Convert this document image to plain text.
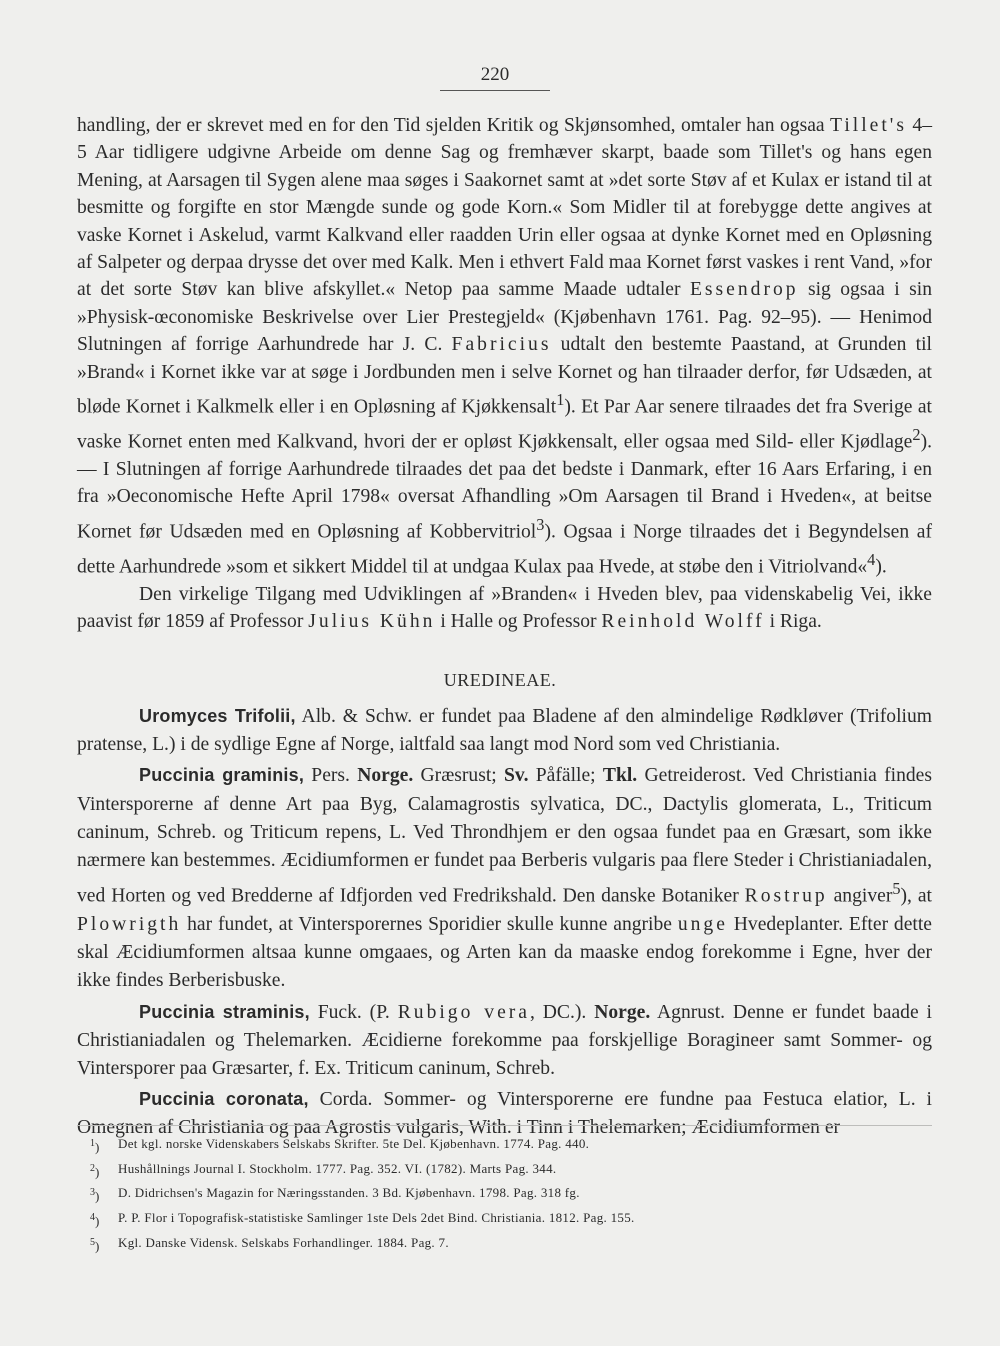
220

handling, der er skrevet med en for den Tid sjelden Kritik og Skjønsomhed, omtaler han ogsaa Tillet's 4–5 Aar tidligere udgivne Arbeide om denne Sag og fremhæver skarpt, baade som Tillet's og hans egen Mening, at Aarsagen til Sygen alene maa søges i Saakornet samt at »det sorte Støv af et Kulax er istand til at besmitte og forgifte en stor Mængde sunde og gode Korn.« Som Midler til at forebygge dette angives at vaske Kornet i Askelud, varmt Kalkvand eller raadden Urin eller ogsaa at dynke Kornet med en Opløsning af Salpeter og derpaa drysse det over med Kalk. Men i ethvert Fald maa Kornet først vaskes i rent Vand, »for at det sorte Støv kan blive afskyllet.« Netop paa samme Maade udtaler Essendrop sig ogsaa i sin »Physisk-œconomiske Beskrivelse over Lier Prestegjeld« (Kjøbenhavn 1761. Pag. 92–95). — Henimod Slutningen af forrige Aarhundrede har J. C. Fabricius udtalt den bestemte Paastand, at Grunden til »Brand« i Kornet ikke var at søge i Jordbunden men i selve Kornet og han tilraader derfor, før Udsæden, at bløde Kornet i Kalkmelk eller i en Opløsning af Kjøkkensalt$^1$). Et Par Aar senere tilraades det fra Sverige at vaske Kornet enten med Kalkvand, hvori der er opløst Kjøkkensalt, eller ogsaa med Sild- eller Kjødlage$^2$). — I Slutningen af forrige Aarhundrede tilraades det paa det bedste i Danmark, efter 16 Aars Erfaring, i en fra »Oeconomische Hefte April 1798« oversat Afhandling »Om Aarsagen til Brand i Hveden«, at beitse Kornet før Udsæden med en Opløsning af Kobbervitriol$^3$). Ogsaa i Norge tilraades det i Begyndelsen af dette Aarhundrede »som et sikkert Middel til at undgaa Kulax paa Hvede, at støbe den i Vitriolvand«$^4$).

Den virkelige Tilgang med Udviklingen af »Branden« i Hveden blev, paa videnskabelig Vei, ikke paavist før 1859 af Professor Julius Kühn i Halle og Professor Reinhold Wolff i Riga.

UREDINEAE.

Uromyces Trifolii, Alb. & Schw. er fundet paa Bladene af den almindelige Rødkløver (Trifolium pratense, L.) i de sydlige Egne af Norge, ialtfald saa langt mod Nord som ved Christiania.

Puccinia graminis, Pers. Norge. Græsrust; Sv. Påfälle; Tkl. Getreiderost. Ved Christiania findes Vintersporerne af denne Art paa Byg, Calamagrostis sylvatica, DC., Dactylis glomerata, L., Triticum caninum, Schreb. og Triticum repens, L. Ved Throndhjem er den ogsaa fundet paa en Græsart, som ikke nærmere kan bestemmes. Æcidiumformen er fundet paa Berberis vulgaris paa flere Steder i Christianiadalen, ved Horten og ved Bredderne af Idfjorden ved Fredrikshald. Den danske Botaniker Rostrup angiver$^5$), at Plowrigth har fundet, at Vintersporernes Sporidier skulle kunne angribe unge Hvedeplanter. Efter dette skal Æcidiumformen altsaa kunne omgaaes, og Arten kan da maaske endog forekomme i Egne, hver der ikke findes Berberisbuske.

Puccinia straminis, Fuck. (P. Rubigo vera, DC.). Norge. Agnrust. Denne er fundet baade i Christianiadalen og Thelemarken. Æcidierne forekomme paa forskjellige Boragineer samt Sommer- og Vintersporer paa Græsarter, f. Ex. Triticum caninum, Schreb.

Puccinia coronata, Corda. Sommer- og Vintersporerne ere fundne paa Festuca elatior, L. i Omegnen af Christiania og paa Agrostis vulgaris, With. i Tinn i Thelemarken; Æcidiumformen er

$^1$)	Det kgl. norske Videnskabers Selskabs Skrifter. 5te Del. Kjøbenhavn. 1774. Pag. 440.
$^2$)	Hushållnings Journal I. Stockholm. 1777. Pag. 352. VI. (1782). Marts Pag. 344.
$^3$)	D. Didrichsen's Magazin for Næringsstanden. 3 Bd. Kjøbenhavn. 1798. Pag. 318 fg.
$^4$)	P. P. Flor i Topografisk-statistiske Samlinger 1ste Dels 2det Bind. Christiania. 1812. Pag. 155.
$^5$)	Kgl. Danske Vidensk. Selskabs Forhandlinger. 1884. Pag. 7.
